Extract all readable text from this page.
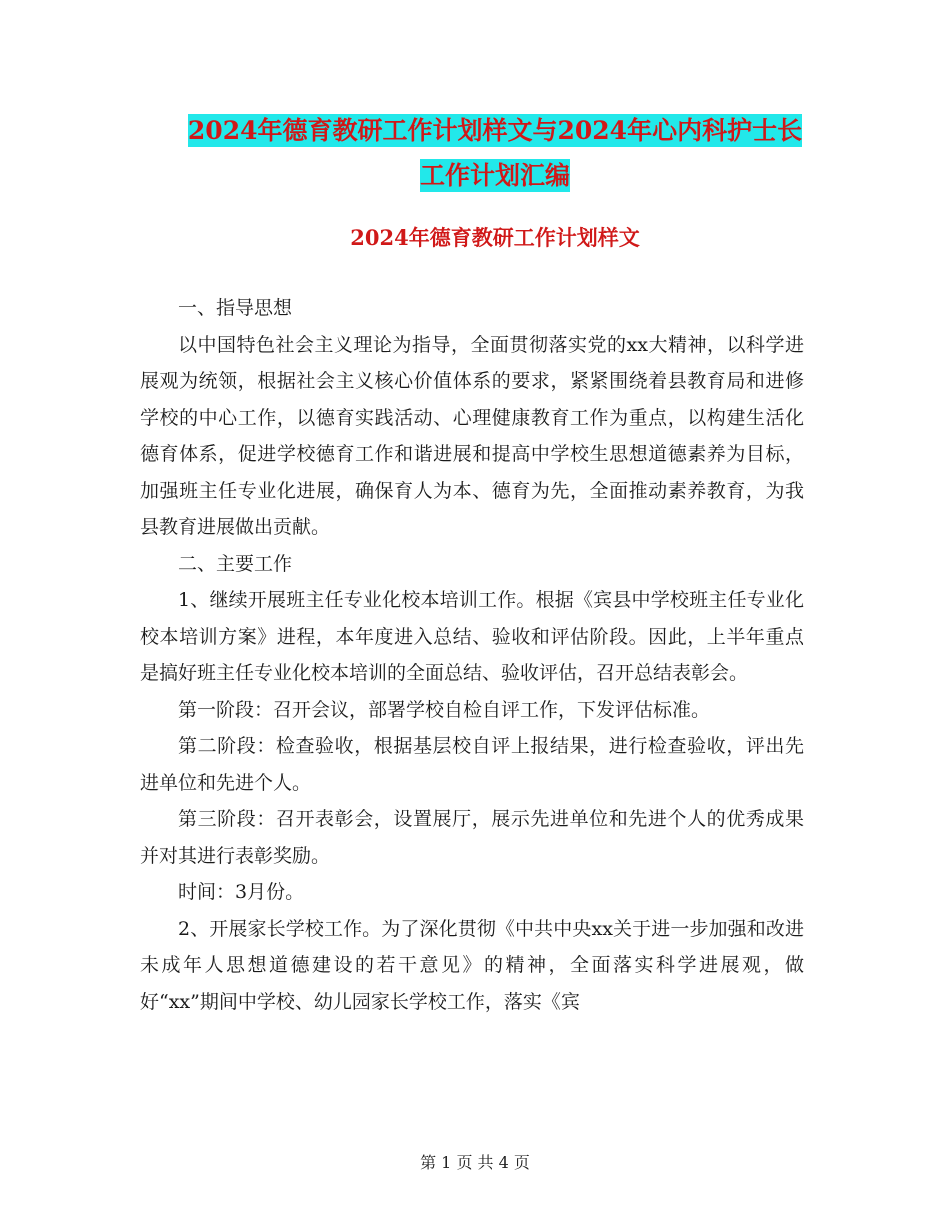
2024年德育教研工作计划样文与2024年心内科护士长
工作计划汇编
2024年德育教研工作计划样文

一、指导思想

以中国特色社会主义理论为指导，全面贯彻落实党的xx大精神，以科学进展观为统领，根据社会主义核心价值体系的要求，紧紧围绕着县教育局和进修学校的中心工作，以德育实践活动、心理健康教育工作为重点，以构建生活化德育体系，促进学校德育工作和谐进展和提高中学校生思想道德素养为目标，加强班主任专业化进展，确保育人为本、德育为先，全面推动素养教育，为我县教育进展做出贡献。

二、主要工作

1、继续开展班主任专业化校本培训工作。根据《宾县中学校班主任专业化校本培训方案》进程，本年度进入总结、验收和评估阶段。因此，上半年重点是搞好班主任专业化校本培训的全面总结、验收评估，召开总结表彰会。

第一阶段：召开会议，部署学校自检自评工作，下发评估标准。

第二阶段：检查验收，根据基层校自评上报结果，进行检查验收，评出先进单位和先进个人。

第三阶段：召开表彰会，设置展厅，展示先进单位和先进个人的优秀成果并对其进行表彰奖励。

时间：3月份。

2、开展家长学校工作。为了深化贯彻《中共中央xx关于进一步加强和改进未成年人思想道德建设的若干意见》的精神，全面落实科学进展观，做好“xx”期间中学校、幼儿园家长学校工作，落实《宾

第 1 页 共 4 页
